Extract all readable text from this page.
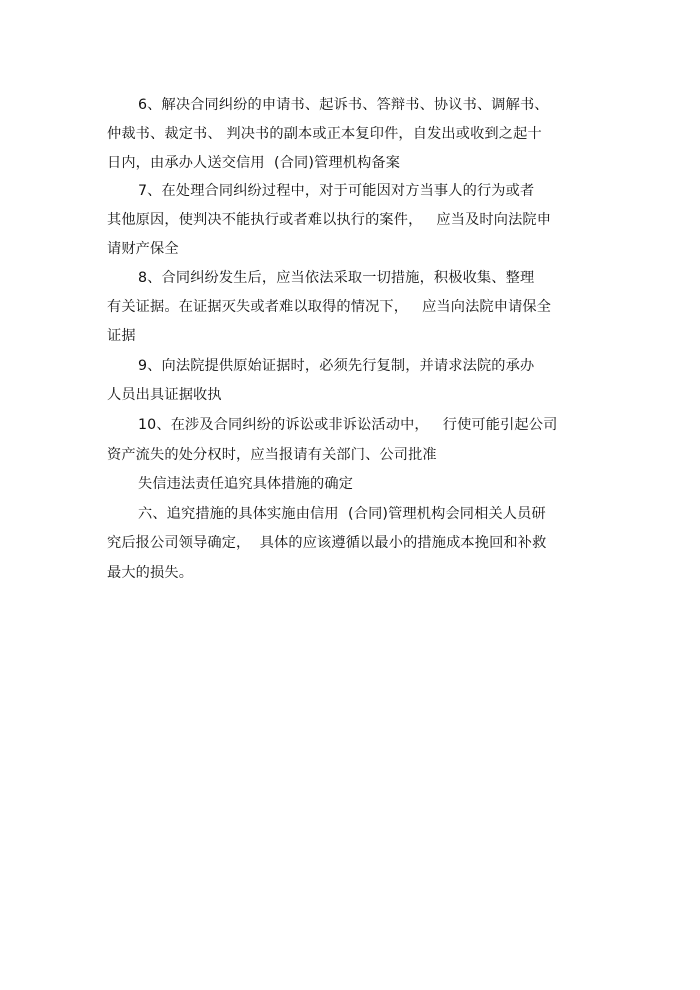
6、解决合同纠纷的申请书、起诉书、答辩书、协议书、调解书、
仲裁书、裁定书、 判决书的副本或正本复印件，自发出或收到之起十
日内，由承办人送交信用  (合同)管理机构备案
7、在处理合同纠纷过程中，对于可能因对方当事人的行为或者
其他原因，使判决不能执行或者难以执行的案件，   应当及时向法院申
请财产保全
8、合同纠纷发生后，应当依法采取一切措施，积极收集、整理
有关证据。在证据灭失或者难以取得的情况下，   应当向法院申请保全
证据
9、向法院提供原始证据时，必须先行复制，并请求法院的承办
人员出具证据收执
10、在涉及合同纠纷的诉讼或非诉讼活动中，   行使可能引起公司
资产流失的处分权时，应当报请有关部门、公司批准
失信违法责任追究具体措施的确定
六、追究措施的具体实施由信用  (合同)管理机构会同相关人员研
究后报公司领导确定，  具体的应该遵循以最小的措施成本挽回和补救
最大的损失。
